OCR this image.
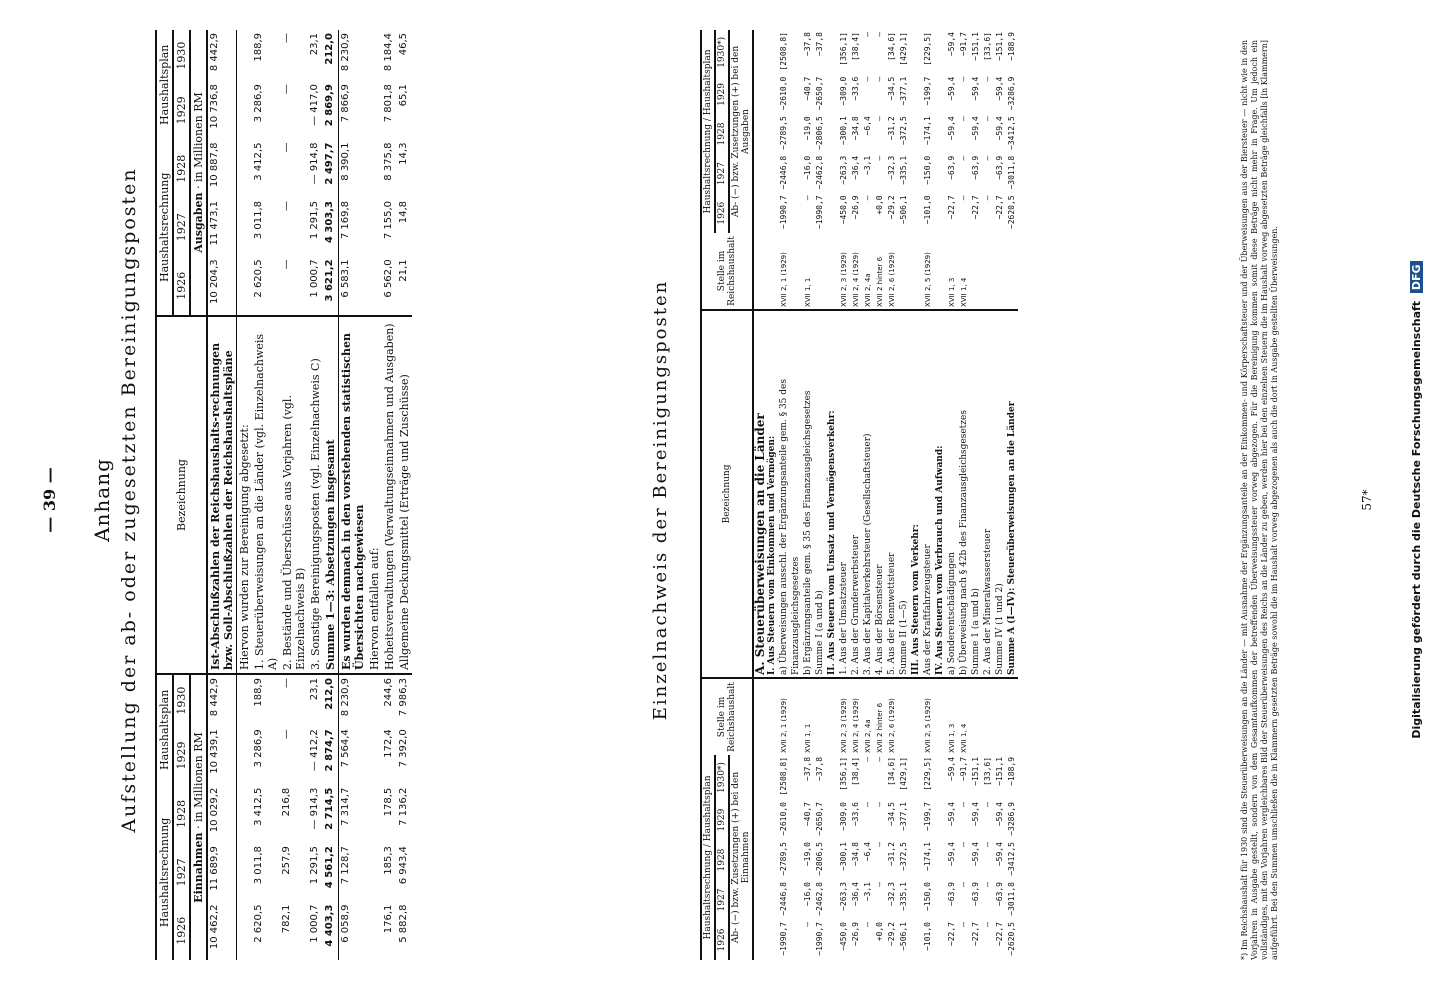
— 39 — Anhang Aufstellung der ab- oder zugesetzten Bereinigungsposten
Haushaltsrechnung			Haushaltsplan		Bezeichnung	Haushaltsrechnung			Haushaltsplan	
1926	1927	1928	1929	1930		1926	1927	1928	1929	1930
Einnahmen · in Millionen RM						Ausgaben · in Millionen RM				
10 462,2	11 689,9	10 029,2	10 439,1	8 442,9	Ist-Abschlußzahlen der Reichshaushalts-rechnungen bzw. Soll-Abschlußzahlen der Reichshaushaltspläne	10 204,3	11 473,1	10 887,8	10 736,8	8 442,9
					Hiervon wurden zur Bereinigung abgesetzt:					
2 620,5	3 011,8	3 412,5	3 286,9	188,9	1. Steuerüberweisungen an die Länder (vgl. Einzelnachweis A)	2 620,5	3 011,8	3 412,5	3 286,9	188,9
782,1	257,9	216,8	—	—	2. Bestände und Überschüsse aus Vorjahren (vgl. Einzelnachweis B)	—	—	—	—	—
1 000,7	1 291,5	— 914,3	— 412,2	23,1	3. Sonstige Bereinigungsposten (vgl. Einzelnachweis C)	1 000,7	1 291,5	— 914,8	— 417,0	23,1
4 403,3	4 561,2	2 714,5	2 874,7	212,0	Summe 1—3: Absetzungen insgesamt	3 621,2	4 303,3	2 497,7	2 869,9	212,0
6 058,9	7 128,7	7 314,7	7 564,4	8 230,9	Es wurden demnach in den vorstehenden statistischen Übersichten nachgewiesen	6 583,1	7 169,8	8 390,1	7 866,9	8 230,9
					Hiervon entfallen auf:					
176,1	185,3	178,5	172,4	244,6	Hoheitsverwaltungen (Verwaltungseinnahmen und Ausgaben)	6 562,0	7 155,0	8 375,8	7 801,8	8 184,4
5 882,8	6 943,4	7 136,2	7 392,0	7 986,3	Allgemeine Deckungsmittel (Erträge und Zuschüsse)	21,1	14,8	14,3	65,1	46,5
Einzelnachweis der Bereinigungsposten
Haushaltsrechnung / Haushaltsplan					Stelle im Reichshaushalt	Bezeichnung	Stelle im Reichshaushalt	Haushaltsrechnung / Haushaltsplan				
1926	1927	1928	1929	1930*)				1926	1927	1928	1929	1930*)
Ab- (−) bzw. Zusetzungen (+) bei den Einnahmen								Ab- (−) bzw. Zusetzungen (+) bei den Ausgaben				
						A. Steuerüberweisungen an die Länder						
						I. Aus Steuern vom Einkommen und Vermögen:						
−1990,7	−2446,8	−2789,5	−2610,0	[2508,8]	XVII 2, 1 (1929)	a) Überweisungen ausschl. der Ergänzungsanteile gem. § 35 des Finanzausgleichsgesetzes	XVII 2, 1 (1929)	−1990,7	−2446,8	−2789,5	−2610,0	[2508,8]
—	−16,0	−19,0	−40,7	−37,8	XVII 1, 1	b) Ergänzungsanteile gem. § 35 des Finanzausgleichsgesetzes	XVII 1, 1	—	−16,0	−19,0	−40,7	−37,8
−1990,7	−2462,8	−2806,5	−2650,7	−37,8		Summe I (a und b)		−1990,7	−2462,8	−2806,5	−2650,7	−37,8
						II. Aus Steuern vom Umsatz und Vermögensverkehr:						
−450,0	−263,3	−300,1	−309,0	[356,1]	XVII 2, 3 (1929)	1. Aus der Umsatzsteuer	XVII 2, 3 (1929)	−450,0	−263,3	−300,1	−309,0	[356,1]
−26,9	−36,4	−34,8	−33,6	[38,4]	XVII 2, 4 (1929)	2. Aus der Grunderwerbsteuer	XVII 2, 4 (1929)	−26,9	−36,4	−34,8	−33,6	[38,4]
—	−3,1	−6,4	—	—	XVII 2, 4a	3. Aus der Kapitalverkehrsteuer (Gesellschaftsteuer)	XVII 2, 4a	—	−3,1	−6,4	—	—
+0,0	—	—	—	—	XVII 2 hinter 6	4. Aus der Börsensteuer	XVII 2 hinter 6	+0,0	—	—	—	—
−29,2	−32,3	−31,2	−34,5	[34,6]	XVII 2, 6 (1929)	5. Aus der Rennwettsteuer	XVII 2, 6 (1929)	−29,2	−32,3	−31,2	−34,5	[34,6]
−506,1	−335,1	−372,5	−377,1	[429,1]		Summe II (1—5)		−506,1	−335,1	−372,5	−377,1	[429,1]
						III. Aus Steuern vom Verkehr:						
−101,0	−150,0	−174,1	−199,7	[229,5]	XVII 2, 5 (1929)	Aus der Kraftfahrzeugsteuer	XVII 2, 5 (1929)	−101,0	−150,0	−174,1	−199,7	[229,5]
						IV. Aus Steuern vom Verbrauch und Aufwand:						
−22,7	−63,9	−59,4	−59,4	−59,4	XVII 1, 3	a) Sonderentschädigungen	XVII 1, 3	−22,7	−63,9	−59,4	−59,4	−59,4
—	—	—	—	−91,7	XVII 1, 4	b) Überweisung nach § 42b des Finanzausgleichsgesetzes	XVII 1, 4	—	—	—	—	−91,7
−22,7	−63,9	−59,4	−59,4	−151,1		Summe 1 (a und b)		−22,7	−63,9	−59,4	−59,4	−151,1
—	—	—	—	[33,6]		2. Aus der Mineralwassersteuer		—	—	—	—	[33,6]
−22,7	−63,9	−59,4	−59,4	−151,1		Summe IV (1 und 2)		−22,7	−63,9	−59,4	−59,4	−151,1
−2620,5	−3011,8	−3412,5	−3286,9	−188,9		Summe A (I—IV): Steuerüberweisungen an die Länder		−2620,5	−3011,8	−3412,5	−3286,9	−188,9	*) Im Reichshaushalt für 1930 sind die Steuerüberweisungen an die Länder — mit Ausnahme der Ergänzungsanteile an der Einkommen- und Körperschaftsteuer und der Überweisungen aus der Biersteuer — nicht wie in den Vorjahren in Ausgabe gestellt, sondern von dem Gesamtaufkommen der betreffenden Überweisungssteuer vorweg abgezogen. Für die Bereinigung kommen somit diese Beträge nicht mehr in Frage. Um jedoch ein vollständiges, mit den Vorjahren vergleichbares Bild der Steuerüberweisungen des Reichs an die Länder zu geben, werden hier bei den einzelnen Steuern die im Haushalt vorweg abgesetzten Beträge gleichfalls [in Klammern] aufgeführt. Bei den Summen umschließen die in Klammern gesetzten Beträge sowohl die im Haushalt vorweg abgezogenen als auch die dort in Ausgabe gestellten Überweisungen.	57*	Digitalisierung gefördert durch die Deutsche Forschungsgemeinschaft DFG
